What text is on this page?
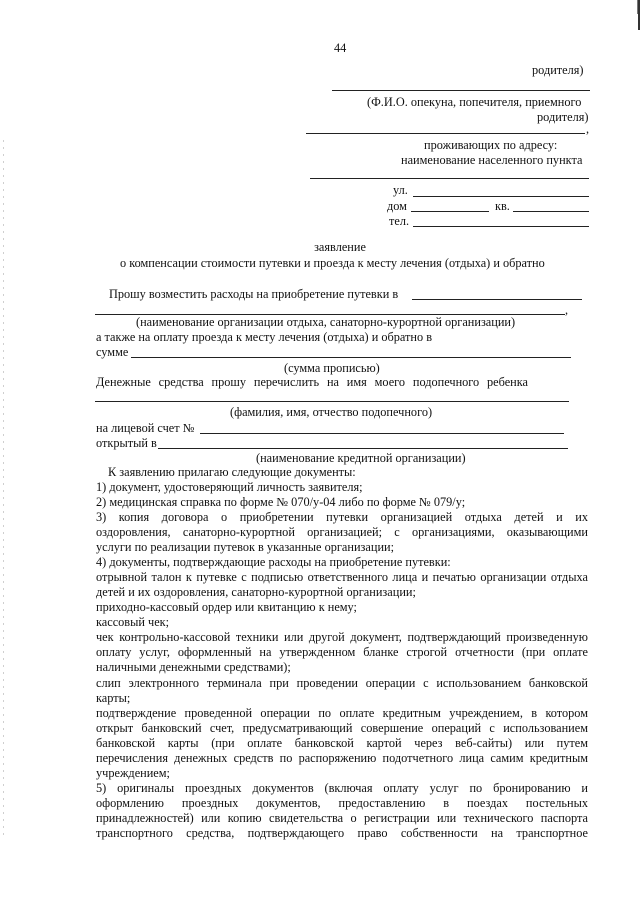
44
родителя)
(Ф.И.О. опекуна, попечителя, приемного
родителя)
,
проживающих по адресу:
наименование населенного пункта
ул.
дом	кв.
тел.
заявление
о компенсации стоимости путевки и проезда к месту лечения (отдыха) и обратно
Прошу возместить расходы на приобретение путевки в
,
(наименование организации отдыха, санаторно-курортной организации)
а также на оплату проезда к месту лечения (отдыха) и обратно в
сумме
(сумма прописью)
Денежные средства прошу перечислить на имя моего подопечного ребенка
(фамилия, имя, отчество подопечного)
на лицевой счет №
открытый в
(наименование кредитной организации)
К заявлению прилагаю следующие документы:
1) документ, удостоверяющий личность заявителя;
2) медицинская справка по форме № 070/у-04 либо по форме № 079/у;
3) копия договора о приобретении путевки организацией отдыха детей и их
оздоровления, санаторно-курортной организацией; с организациями, оказывающими
услуги по реализации путевок в указанные организации;
4) документы, подтверждающие расходы на приобретение путевки:
отрывной талон к путевке с подписью ответственного лица и печатью организации отдыха
детей и их оздоровления, санаторно-курортной организации;
приходно-кассовый ордер или квитанцию к нему;
кассовый чек;
чек контрольно-кассовой техники или другой документ, подтверждающий произведенную
оплату услуг, оформленный на утвержденном бланке строгой отчетности (при оплате
наличными денежными средствами);
слип электронного терминала при проведении операции с использованием банковской
карты;
подтверждение проведенной операции по оплате кредитным учреждением, в котором
открыт банковский счет, предусматривающий совершение операций с использованием
банковской карты (при оплате банковской картой через веб-сайты) или путем
перечисления денежных средств по распоряжению подотчетного лица самим кредитным
учреждением;
5) оригиналы проездных документов (включая оплату услуг по бронированию и
оформлению проездных документов, предоставлению в поездах постельных
принадлежностей) или копию свидетельства о регистрации или технического паспорта
транспортного средства, подтверждающего право собственности на транспортное
